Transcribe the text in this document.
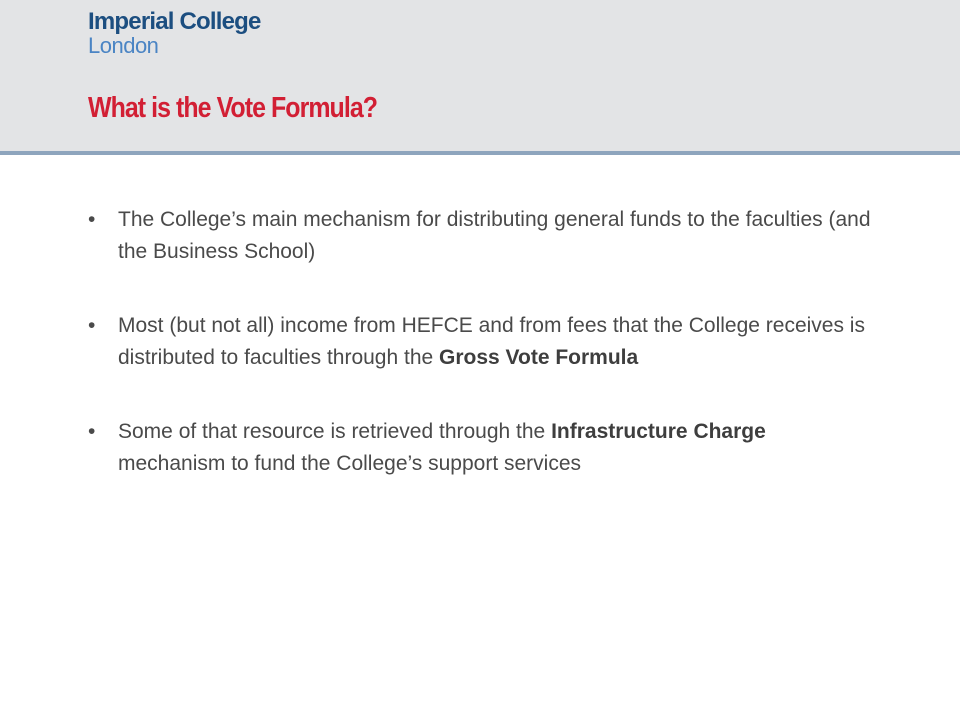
Imperial College
London
What is the Vote Formula?
•	The College’s main mechanism for distributing general funds to the faculties (and the Business School)
•	Most (but not all) income from HEFCE and from fees that the College receives is distributed to faculties through the Gross Vote Formula
•	Some of that resource is retrieved through the Infrastructure Charge mechanism to fund the College’s support services
